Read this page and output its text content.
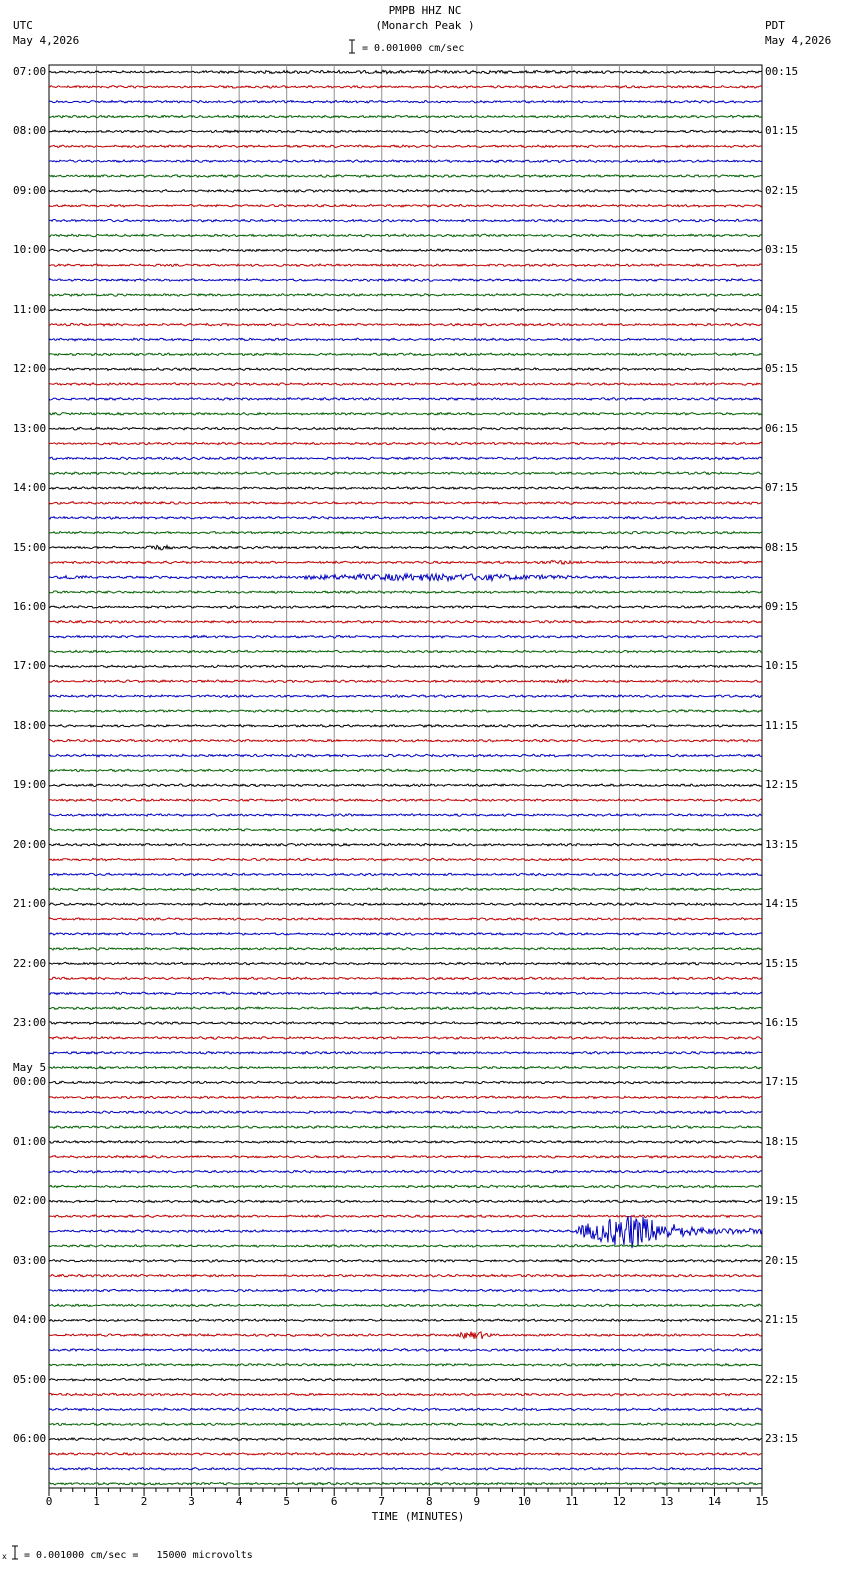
0	1	2	3	4	5	6	7	8	9	10	11	12	13	14	15
PMPB HHZ NC
(Monarch Peak )
= 0.001000 cm/sec
UTC
May 4,2026
PDT
May 4,2026
07:00
08:00
09:00
10:00
11:00
12:00
13:00
14:00
15:00
16:00
17:00
18:00
19:00
20:00
21:00
22:00
23:00
00:00
01:00
02:00
03:00
04:00
05:00
06:00
00:15
01:15
02:15
03:15
04:15
05:15
06:15
07:15
08:15
09:15
10:15
11:15
12:15
13:15
14:15
15:15
16:15
17:15
18:15
19:15
20:15
21:15
22:15
23:15
May 5
TIME (MINUTES)
x = 0.001000 cm/sec =   15000 microvolts
